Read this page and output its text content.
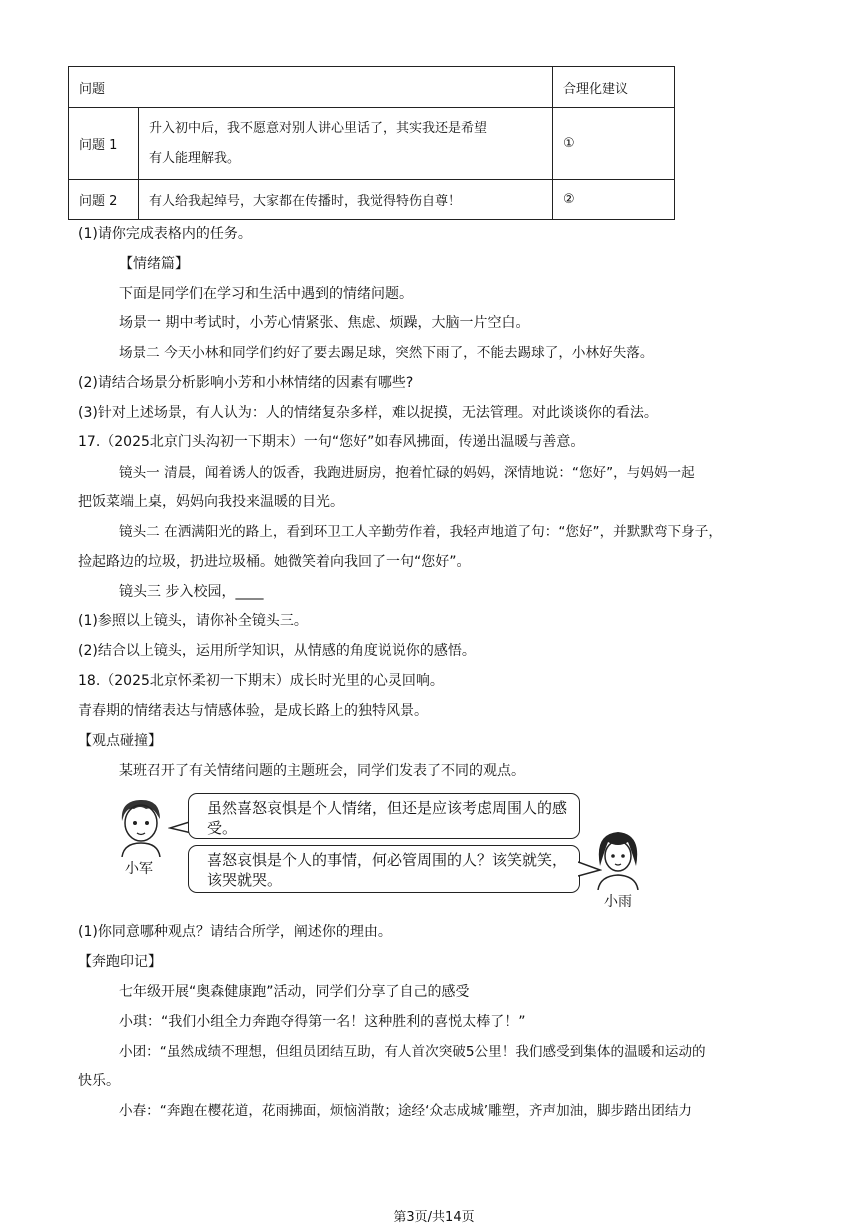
问题		合理化建议
问题 1	升入初中后，我不愿意对别人讲心里话了，其实我还是希望
有人能理解我。	①
问题 2	有人给我起绰号，大家都在传播时，我觉得特伤自尊！	②
(1)请你完成表格内的任务。
【情绪篇】
下面是同学们在学习和生活中遇到的情绪问题。
场景一 期中考试时，小芳心情紧张、焦虑、烦躁，大脑一片空白。
场景二 今天小林和同学们约好了要去踢足球，突然下雨了，不能去踢球了，小林好失落。
(2)请结合场景分析影响小芳和小林情绪的因素有哪些?
(3)针对上述场景，有人认为：人的情绪复杂多样，难以捉摸，无法管理。对此谈谈你的看法。
17.（2025北京门头沟初一下期末）一句“您好”如春风拂面，传递出温暖与善意。
镜头一 清晨，闻着诱人的饭香，我跑进厨房，抱着忙碌的妈妈，深情地说：“您好”，与妈妈一起
把饭菜端上桌，妈妈向我投来温暖的目光。
镜头二 在洒满阳光的路上，看到环卫工人辛勤劳作着，我轻声地道了句：“您好”，并默默弯下身子，
捡起路边的垃圾，扔进垃圾桶。她微笑着向我回了一句“您好”。
镜头三 步入校园，____
(1)参照以上镜头，请你补全镜头三。
(2)结合以上镜头，运用所学知识，从情感的角度说说你的感悟。
18.（2025北京怀柔初一下期末）成长时光里的心灵回响。
青春期的情绪表达与情感体验，是成长路上的独特风景。
【观点碰撞】
某班召开了有关情绪问题的主题班会，同学们发表了不同的观点。
小军
虽然喜怒哀惧是个人情绪，但还是应该考虑周围人的感受。
喜怒哀惧是个人的事情，何必管周围的人？该笑就笑，该哭就哭。
小雨
(1)你同意哪种观点？请结合所学，阐述你的理由。
【奔跑印记】
七年级开展“奥森健康跑”活动，同学们分享了自己的感受
小琪：“我们小组全力奔跑夺得第一名！这种胜利的喜悦太棒了！”
小团：“虽然成绩不理想，但组员团结互助，有人首次突破5公里！我们感受到集体的温暖和运动的
快乐。
小春：“奔跑在樱花道，花雨拂面，烦恼消散；途经‘众志成城’雕塑，齐声加油，脚步踏出团结力
第3页/共14页
